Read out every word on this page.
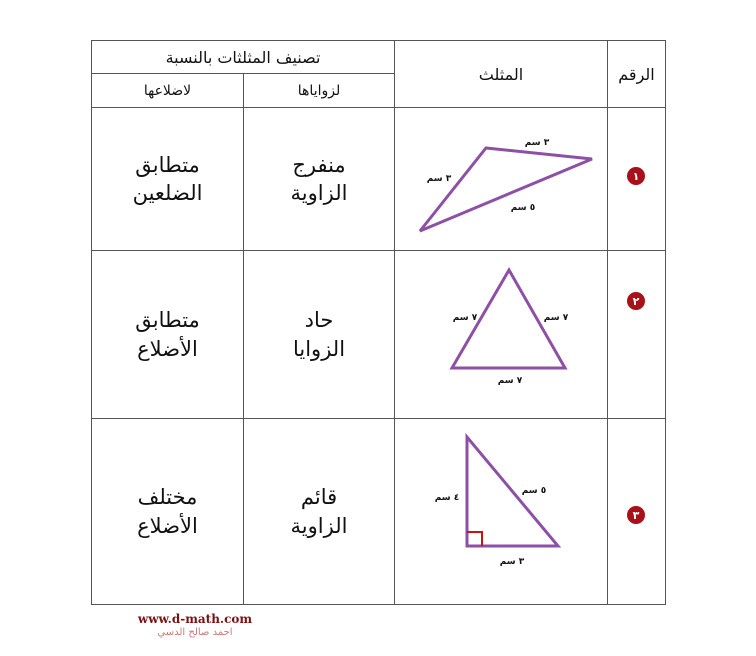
تصنيف المثلثات بالنسبة
لزواياها
لاضلاعها
المثلث	الرقم
١
منفرج
الزاوية
متطابق
الضلعين
٢
حاد
الزوايا
متطابق
الأضلاع
٣
قائم
الزاوية
مختلف
الأضلاع
٣ سم
٣ سم
٥ سم
٧ سم	٧ سم
٧ سم
٤ سم
٥ سم
٣ سم
www.d-math.com
احمد صالح الدسي
